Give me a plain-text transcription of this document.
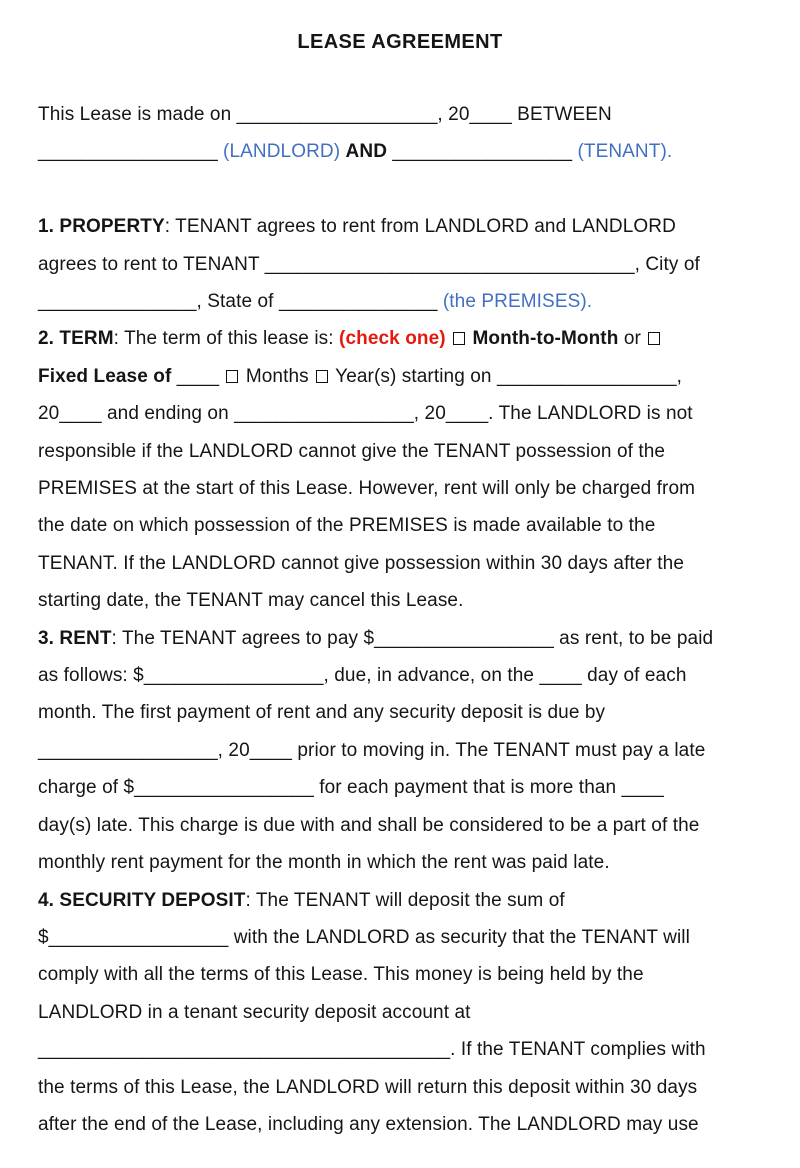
LEASE AGREEMENT

This Lease is made on ___________________, 20____ BETWEEN

_________________ (LANDLORD) AND _________________ (TENANT).

1. PROPERTY: TENANT agrees to rent from LANDLORD and LANDLORD

agrees to rent to TENANT ___________________________________, City of

_______________, State of _______________ (the PREMISES).

2. TERM: The term of this lease is: (check one) Month-to-Month or

Fixed Lease of ____  Months  Year(s) starting on _________________,

20____ and ending on _________________, 20____. The LANDLORD is not

responsible if the LANDLORD cannot give the TENANT possession of the

PREMISES at the start of this Lease. However, rent will only be charged from

the date on which possession of the PREMISES is made available to the

TENANT. If the LANDLORD cannot give possession within 30 days after the

starting date, the TENANT may cancel this Lease.

3. RENT: The TENANT agrees to pay $_________________ as rent, to be paid

as follows: $_________________, due, in advance, on the ____ day of each

month. The first payment of rent and any security deposit is due by

_________________, 20____ prior to moving in. The TENANT must pay a late

charge of $_________________ for each payment that is more than ____

day(s) late. This charge is due with and shall be considered to be a part of the

monthly rent payment for the month in which the rent was paid late.

4. SECURITY DEPOSIT: The TENANT will deposit the sum of

$_________________ with the LANDLORD as security that the TENANT will

comply with all the terms of this Lease. This money is being held by the

LANDLORD in a tenant security deposit account at

_______________________________________. If the TENANT complies with

the terms of this Lease, the LANDLORD will return this deposit within 30 days

after the end of the Lease, including any extension. The LANDLORD may use
